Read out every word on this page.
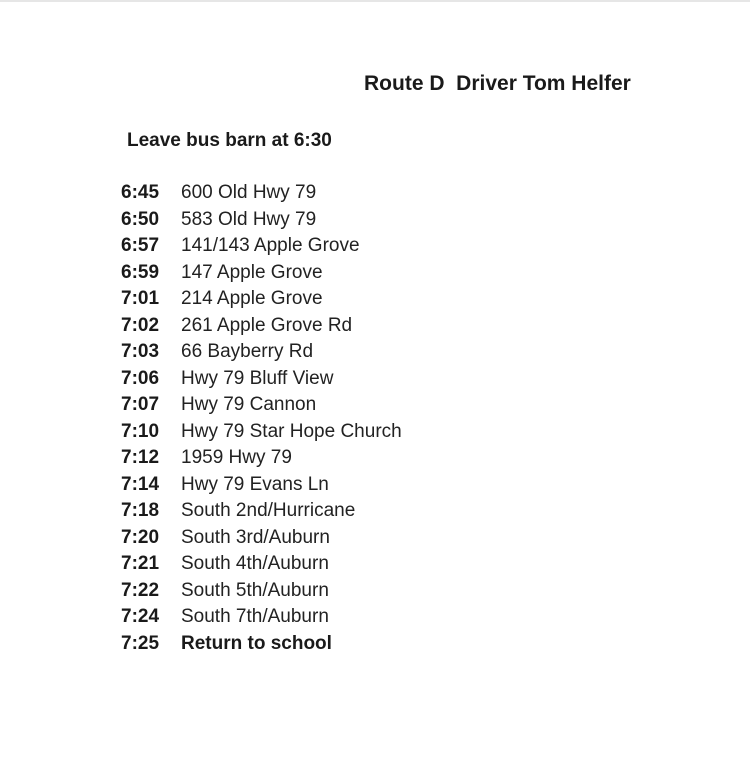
Route D  Driver Tom Helfer
Leave bus barn at 6:30
6:45	600 Old Hwy 79
6:50	583 Old Hwy 79
6:57	141/143 Apple Grove
6:59	147 Apple Grove
7:01	214 Apple Grove
7:02	261 Apple Grove Rd
7:03	66 Bayberry Rd
7:06	Hwy 79 Bluff View
7:07	Hwy 79 Cannon
7:10	Hwy 79 Star Hope Church
7:12	1959 Hwy 79
7:14	Hwy 79 Evans Ln
7:18	South 2nd/Hurricane
7:20	South 3rd/Auburn
7:21	South 4th/Auburn
7:22	South 5th/Auburn
7:24	South 7th/Auburn
7:25	Return to school
